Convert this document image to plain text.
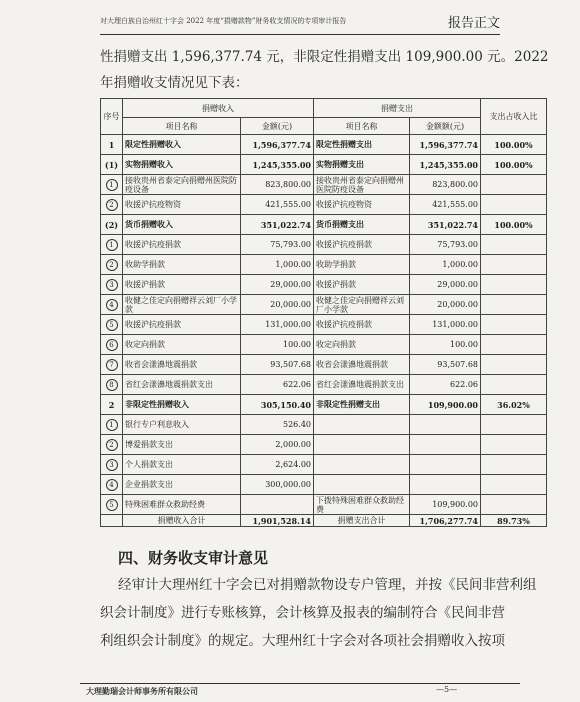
对大理白族自治州红十字会 2022 年度“捐赠款物”财务收支情况的专项审计报告	报告正文
性捐赠支出 1,596,377.74 元，非限定性捐赠支出 109,900.00 元。2022
年捐赠收支情况见下表：
序号	捐赠收入		捐赠支出		支出占收入比
	项目名称	金额(元)	项目名称	金额额(元)	
1	限定性捐赠收入	1,596,377.74	限定性捐赠支出	1,596,377.74	100.00%
(1)	实物捐赠收入	1,245,355.00	实物捐赠支出	1,245,355.00	100.00%
1	接收贵州省泰定向捐赠州医院防疫设备	823,800.00	接收贵州省泰定向捐赠州医院防疫设备	823,800.00	
2	收援沪抗疫物资	421,555.00	收援沪抗疫物资	421,555.00	
(2)	货币捐赠收入	351,022.74	货币捐赠支出	351,022.74	100.00%
1	收援沪抗疫捐款	75,793.00	收援沪抗疫捐款	75,793.00	
2	收助学捐款	1,000.00	收助学捐款	1,000.00	
3	收援沪捐款	29,000.00	收援沪捐款	29,000.00	
4	收健之佳定向捐赠祥云刘厂小学款	20,000.00	收健之佳定向捐赠祥云刘厂小学款	20,000.00	
5	收援沪抗疫捐款	131,000.00	收援沪抗疫捐款	131,000.00	
6	收定向捐款	100.00	收定向捐款	100.00	
7	收省会漾濞地震捐款	93,507.68	收省会漾濞地震捐款	93,507.68	
8	省红会漾濞地震捐款支出	622.06	省红会漾濞地震捐款支出	622.06	
2	非限定性捐赠收入	305,150.40	非限定性捐赠支出	109,900.00	36.02%
1	银行专户利息收入	526.40			
2	博爱捐款支出	2,000.00			
3	个人捐款支出	2,624.00			
4	企业捐款支出	300,000.00			
5	特殊困难群众救助经费		下拨特殊困难群众救助经费	109,900.00	
	捐赠收入合计	1,901,528.14	捐赠支出合计	1,706,277.74	89.73%
四、财务收支审计意见
经审计大理州红十字会已对捐赠款物设专户管理，并按《民间非营利组
织会计制度》进行专账核算，会计核算及报表的编制符合《民间非营
利组织会计制度》的规定。大理州红十字会对各项社会捐赠收入按项
大理勤瑞会计师事务所有限公司	—5—
